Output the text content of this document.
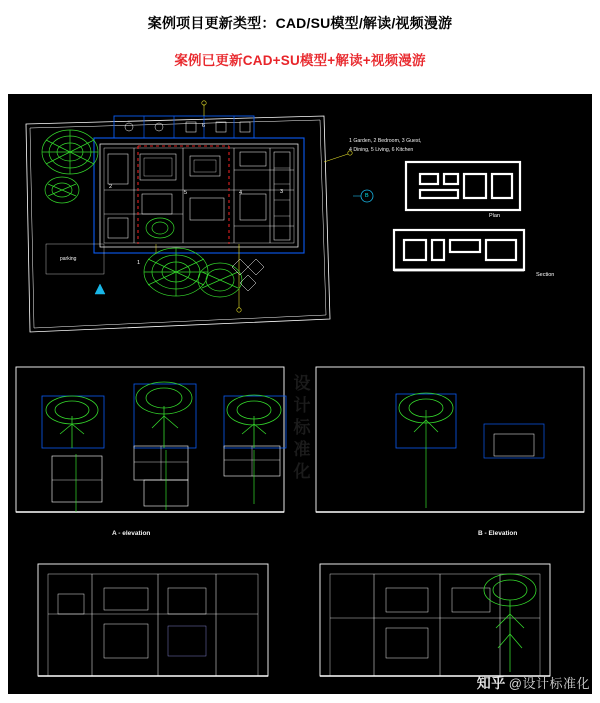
案例项目更新类型：CAD/SU模型/解读/视频漫游
案例已更新CAD+SU模型+解读+视频漫游
设计标准化
1 Garden, 2 Bedroom, 3 Guest,
4 Dining, 5 Living, 6 Kitchen
1
2
3
4
5
6
parking
Plan
Section
B
A - elevation	B - Elevation
知乎 @设计标准化
